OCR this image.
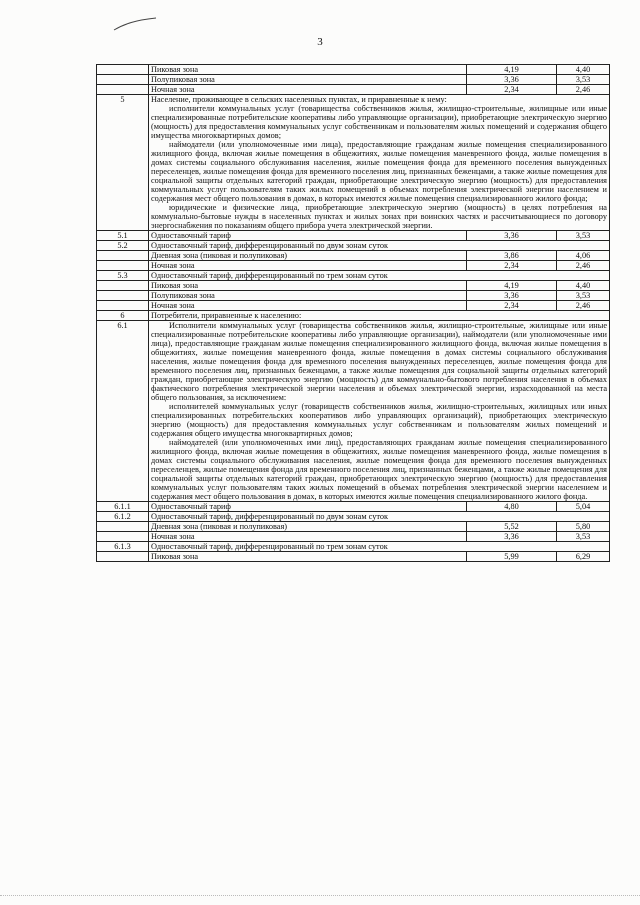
3
	Пиковая зона	4,19	4,40
	Полупиковая зона	3,36	3,53
	Ночная зона	2,34	2,46
5	Население, проживающее в сельских населенных пунктах, и приравненные к нему:

исполнители коммунальных услуг (товарищества собственников жилья, жилищно-строительные, жилищные или иные специализированные потребительские кооперативы либо управляющие организации), приобретающие электрическую энергию (мощность) для предоставления коммунальных услуг собственникам и пользователям жилых помещений и содержания общего имущества многоквартирных домов;

наймодатели (или уполномоченные ими лица), предоставляющие гражданам жилые помещения специализированного жилищного фонда, включая жилые помещения в общежитиях, жилые помещения маневренного фонда, жилые помещения в домах системы социального обслуживания населения, жилые помещения фонда для временного поселения вынужденных переселенцев, жилые помещения фонда для временного поселения лиц, признанных беженцами, а также жилые помещения для социальной защиты отдельных категорий граждан, приобретающие электрическую энергию (мощность) для предоставления коммунальных услуг пользователям таких жилых помещений в объемах потребления электрической энергии населением и содержания мест общего пользования в домах, в которых имеются жилые помещения специализированного жилого фонда;

юридические и физические лица, приобретающие электрическую энергию (мощность) в целях потребления на коммунально-бытовые нужды в населенных пунктах и жилых зонах при воинских частях и рассчитывающиеся по договору энергоснабжения по показаниям общего прибора учета электрической энергии.		

5.1	Одноставочный тариф	3,36	3,53
5.2	Одноставочный тариф, дифференцированный по двум зонам суток		
	Дневная зона (пиковая и полупиковая)	3,86	4,06
	Ночная зона	2,34	2,46
5.3	Одноставочный тариф, дифференцированный по трем зонам суток		
	Пиковая зона	4,19	4,40
	Полупиковая зона	3,36	3,53
	Ночная зона	2,34	2,46
6	Потребители, приравненные к населению:		
6.1	Исполнители коммунальных услуг (товарищества собственников жилья, жилищно-строительные, жилищные или иные специализированные потребительские кооперативы либо управляющие организации), наймодатели (или уполномоченные ими лица), предоставляющие гражданам жилые помещения специализированного жилищного фонда, включая жилые помещения в общежитиях, жилые помещения маневренного фонда, жилые помещения в домах системы социального обслуживания населения, жилые помещения фонда для временного поселения вынужденных переселенцев, жилые помещения фонда для временного поселения лиц, признанных беженцами, а также жилые помещения для социальной защиты отдельных категорий граждан, приобретающие электрическую энергию (мощность) для коммунально-бытового потребления населения в объемах фактического потребления электрической энергии населения и объемах электрической энергии, израсходованной на места общего пользования, за исключением:

исполнителей коммунальных услуг (товариществ собственников жилья, жилищно-строительных, жилищных или иных специализированных потребительских кооперативов либо управляющих организаций), приобретающих электрическую энергию (мощность) для предоставления коммунальных услуг собственникам и пользователям жилых помещений и содержания общего имущества многоквартирных домов;

наймодателей (или уполномоченных ими лиц), предоставляющих гражданам жилые помещения специализированного жилищного фонда, включая жилые помещения в общежитиях, жилые помещения маневренного фонда, жилые помещения в домах системы социального обслуживания населения, жилые помещения фонда для временного поселения вынужденных переселенцев, жилые помещения фонда для временного поселения лиц, признанных беженцами, а также жилые помещения для социальной защиты отдельных категорий граждан, приобретающих электрическую энергию (мощность) для предоставления коммунальных услуг пользователям таких жилых помещений в объемах потребления электрической энергии населением и содержания мест общего пользования в домах, в которых имеются жилые помещения специализированного жилого фонда.		

6.1.1	Одноставочный тариф	4,80	5,04
6.1.2	Одноставочный тариф, дифференцированный по двум зонам суток		
	Дневная зона (пиковая и полупиковая)	5,52	5,80
	Ночная зона	3,36	3,53
6.1.3	Одноставочный тариф, дифференцированный по трем зонам суток		
	Пиковая зона	5,99	6,29
